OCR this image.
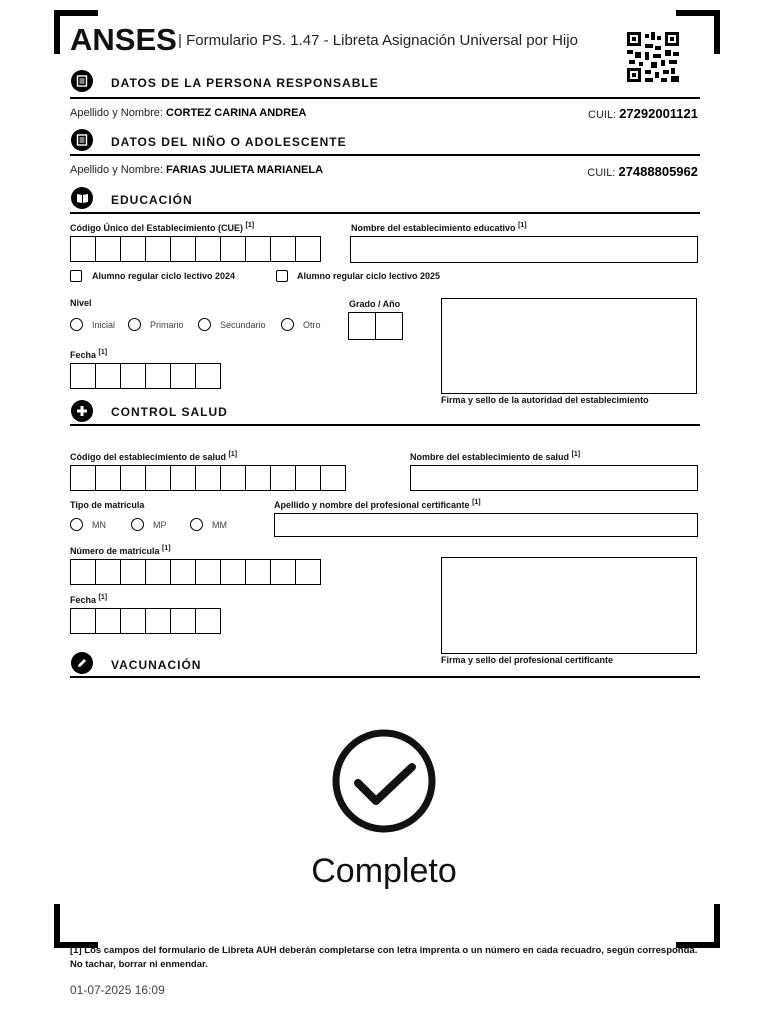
ANSES | Formulario PS. 1.47 - Libreta Asignación Universal por Hijo
DATOS DE LA PERSONA RESPONSABLE
Apellido y Nombre: CORTEZ CARINA ANDREA	CUIL: 27292001121
DATOS DEL NIÑO O ADOLESCENTE
Apellido y Nombre: FARIAS JULIETA MARIANELA	CUIL: 27488805962
EDUCACIÓN
Código Único del Establecimiento (CUE) [1]	Nombre del establecimiento educativo [1]
Alumno regular ciclo lectivo 2024	Alumno regular ciclo lectivo 2025
Nivel
Inicial	Primario	Secundario	Otro
Grado / Año
Fecha [1]
Firma y sello de la autoridad del establecimiento
CONTROL SALUD
Código del establecimiento de salud [1]	Nombre del establecimiento de salud [1]
Tipo de matrícula
MN	MP	MM
Apellido y nombre del profesional certificante [1]
Número de matrícula [1]
Fecha [1]
Firma y sello del profesional certificante
VACUNACIÓN
Completo
[1] Los campos del formulario de Libreta AUH deberán completarse con letra imprenta o un número en cada recuadro, según corresponda. No tachar, borrar ni enmendar.
01-07-2025 16:09
